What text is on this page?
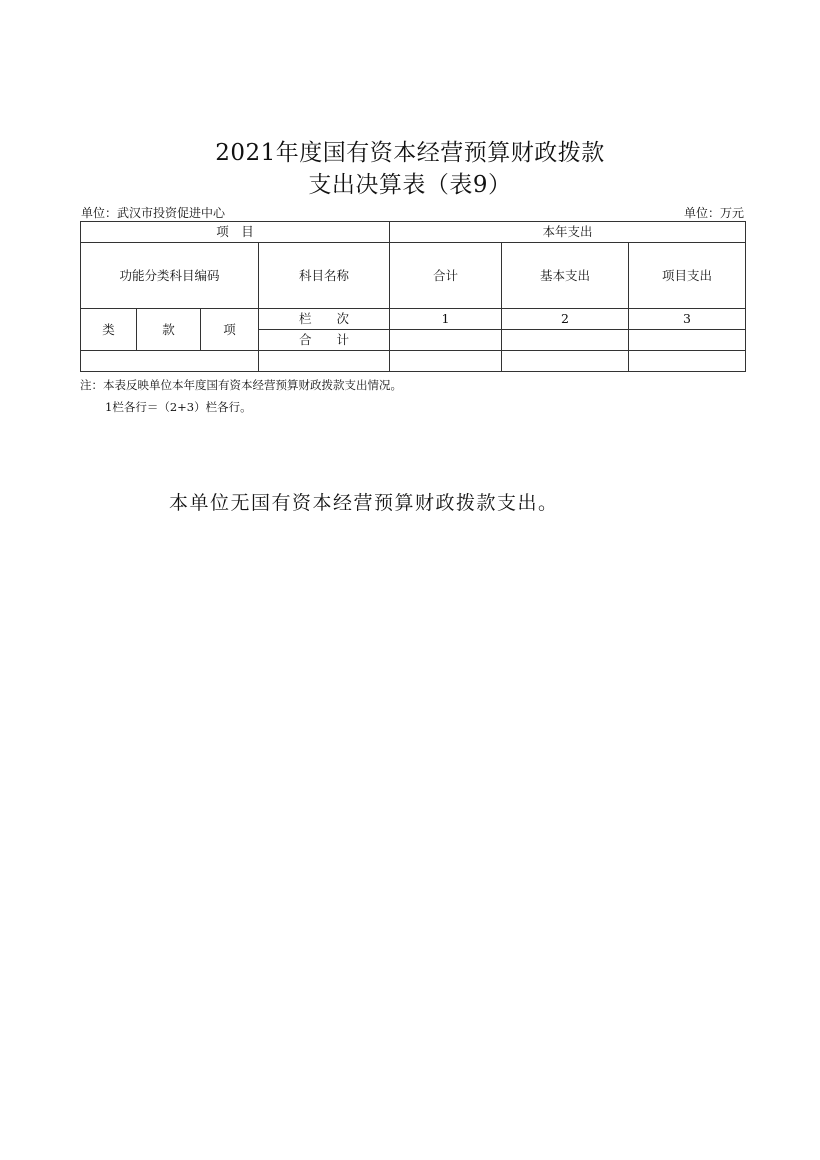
2021年度国有资本经营预算财政拨款
支出决算表（表9）
单位：武汉市投资促进中心	单位：万元
项　目				本年支出		
功能分类科目编码			科目名称	合计	基本支出	项目支出
类	款	项	栏　　次	1	2	3
			合　　计			

注：本表反映单位本年度国有资本经营预算财政拨款支出情况。
1栏各行＝（2+3）栏各行。
本单位无国有资本经营预算财政拨款支出。
